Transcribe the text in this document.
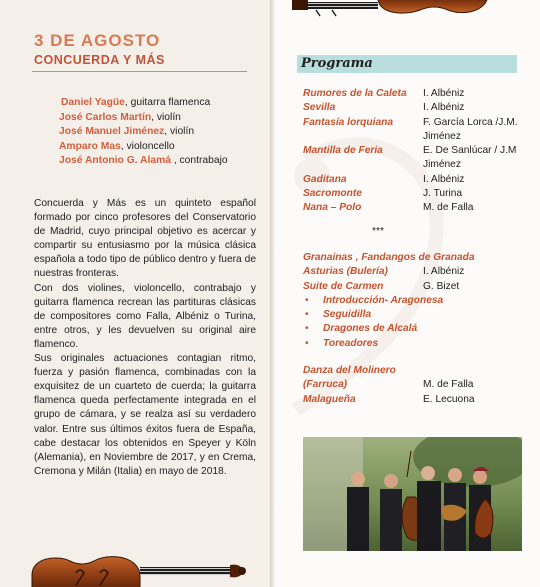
3 DE AGOSTO
CONCUERDA Y MÁS
Daniel Yagüe, guitarra flamenca
José Carlos Martín, violín
José Manuel Jiménez, violín
Amparo Mas, violoncello
José Antonio G. Alamá , contrabajo

Concuerda y Más es un quinteto español formado por cinco profesores del Conservatorio de Madrid, cuyo principal objetivo es acercar y compartir su entusiasmo por la música clásica española a todo tipo de público dentro y fuera de nuestras fronteras.

Con dos violines, violoncello, contrabajo y guitarra flamenca recrean las partituras clásicas de compositores como Falla, Albéniz o Turina, entre otros, y les devuelven su original aire flamenco.

Sus originales actuaciones contagian ritmo, fuerza y pasión flamenca, combinadas con la exquisitez de un cuarteto de cuerda; la guitarra flamenca queda perfectamente integrada en el grupo de cámara, y se realza así su verdadero valor. Entre sus últimos éxitos fuera de España, cabe destacar los obtenidos en Speyer y Köln (Alemania), en Noviembre de 2017, y en Crema, Cremona y Milán (Italia) en mayo de 2018.

Programa
Rumores de la Caleta	I. Albéniz
Sevilla	I. Albéniz
Fantasía lorquiana	F. García Lorca /J.M.
Jiménez
Mantilla de Feria	E. De Sanlúcar / J.M
Jiménez
Gaditana	I. Albéniz
Sacromonte	J. Turina
Nana – Polo	M. de Falla
***
Granainas , Fandangos de Granada
Asturias (Bulería)	I. Albéniz
Suite de Carmen	G. Bizet
•	Introducción- Aragonesa
•	Seguidilla
•	Dragones de Alcalá
•	Toreadores
Danza del Molinero
(Farruca)	M. de Falla
Malagueña	E. Lecuona
